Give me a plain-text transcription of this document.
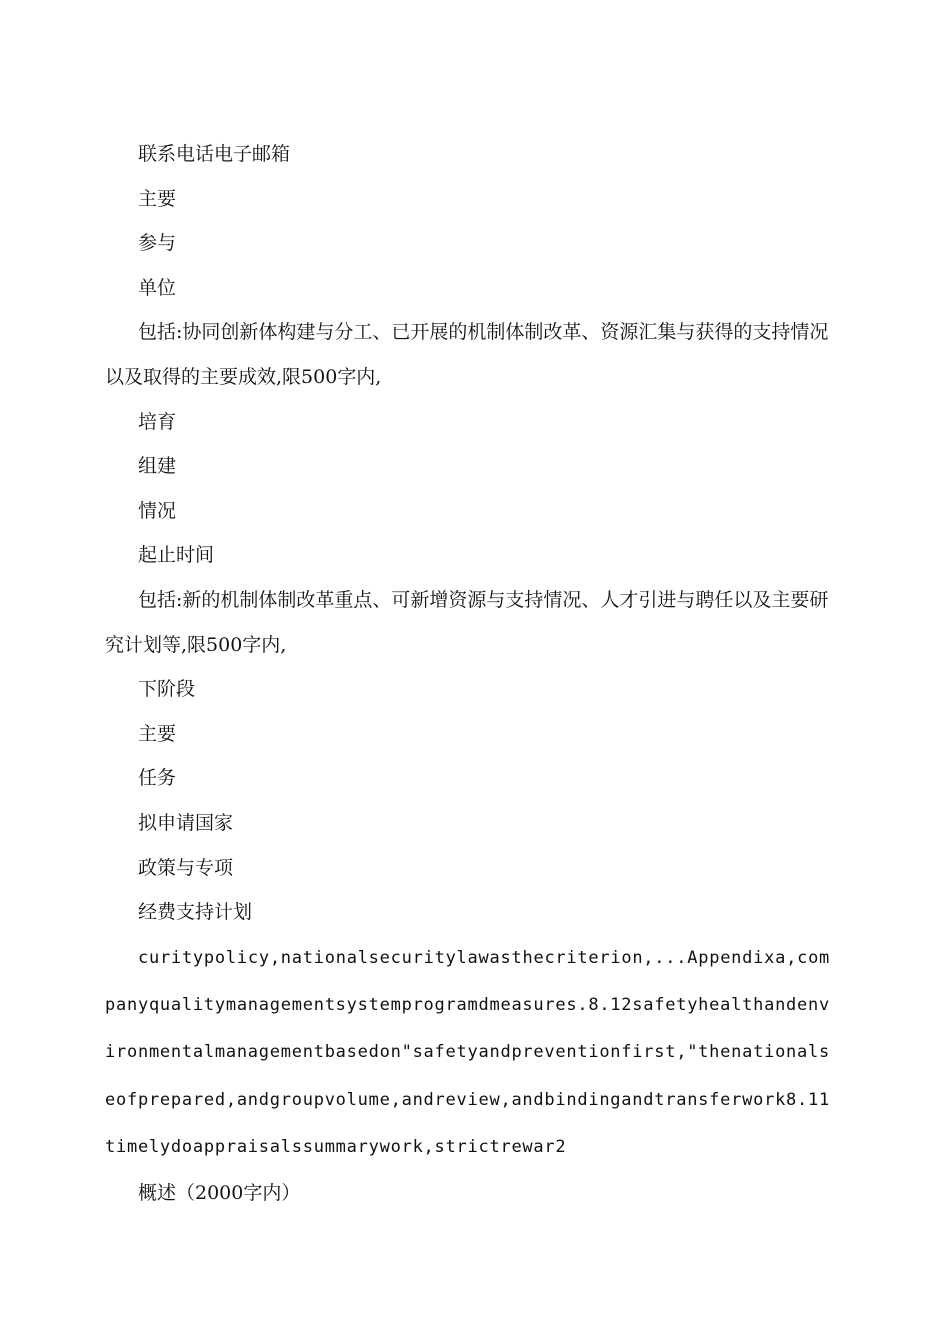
联系电话电子邮箱

主要

参与

单位

包括:协同创新体构建与分工、已开展的机制体制改革、资源汇集与获得的支持情况以及取得的主要成效,限500字内,

培育

组建

情况

起止时间

包括:新的机制体制改革重点、可新增资源与支持情况、人才引进与聘任以及主要研究计划等,限500字内,

下阶段

主要

任务

拟申请国家

政策与专项

经费支持计划

curitypolicy,nationalsecuritylawasthecriterion,...Appendixa,companyqualitymanagementsystemprogramdmeasures.8.12safetyhealthandenvironmentalmanagementbasedon"safetyandpreventionfirst,"thenationalseofprepared,andgroupvolume,andreview,andbindingandtransferwork8.11timelydoappraisalssummarywork,strictrewar2

概述（2000字内）
